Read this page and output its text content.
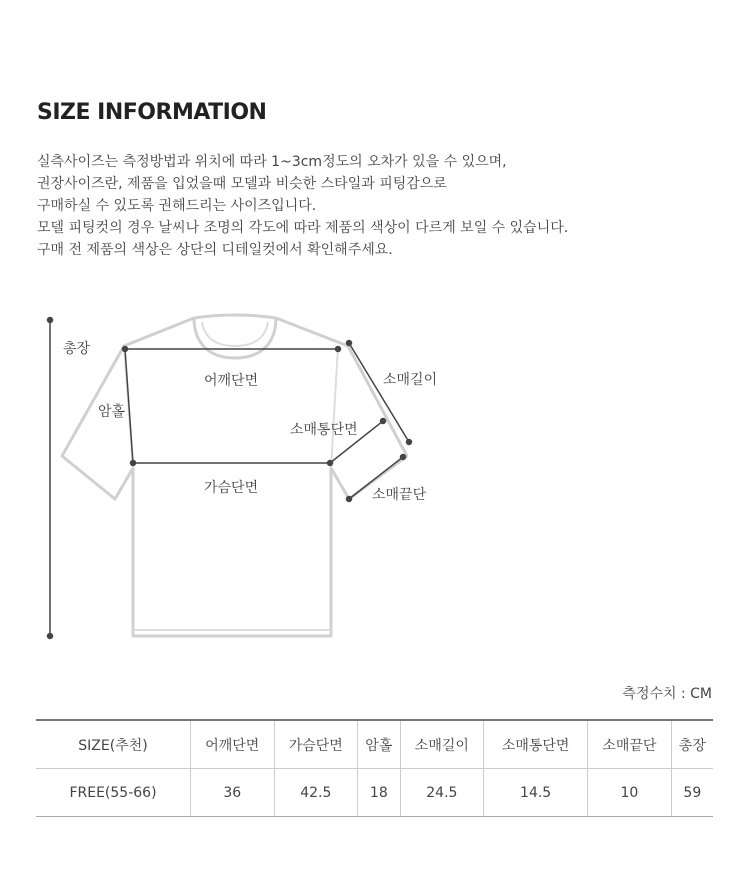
SIZE INFORMATION
실측사이즈는 측정방법과 위치에 따라 1~3cm정도의 오차가 있을 수 있으며,
권장사이즈란, 제품을 입었을때 모델과 비슷한 스타일과 피팅감으로
구매하실 수 있도록 권해드리는 사이즈입니다.
모델 피팅컷의 경우 날씨나 조명의 각도에 따라 제품의 색상이 다르게 보일 수 있습니다.
구매 전 제품의 색상은 상단의 디테일컷에서 확인해주세요.
총장
암홀
어깨단면
가슴단면
소매길이
소매통단면
소매끝단
측정수치 : CM
SIZE(추천)	어깨단면	가슴단면	암홀	소매길이	소매통단면	소매끝단	총장
FREE(55-66)	36	42.5	18	24.5	14.5	10	59
